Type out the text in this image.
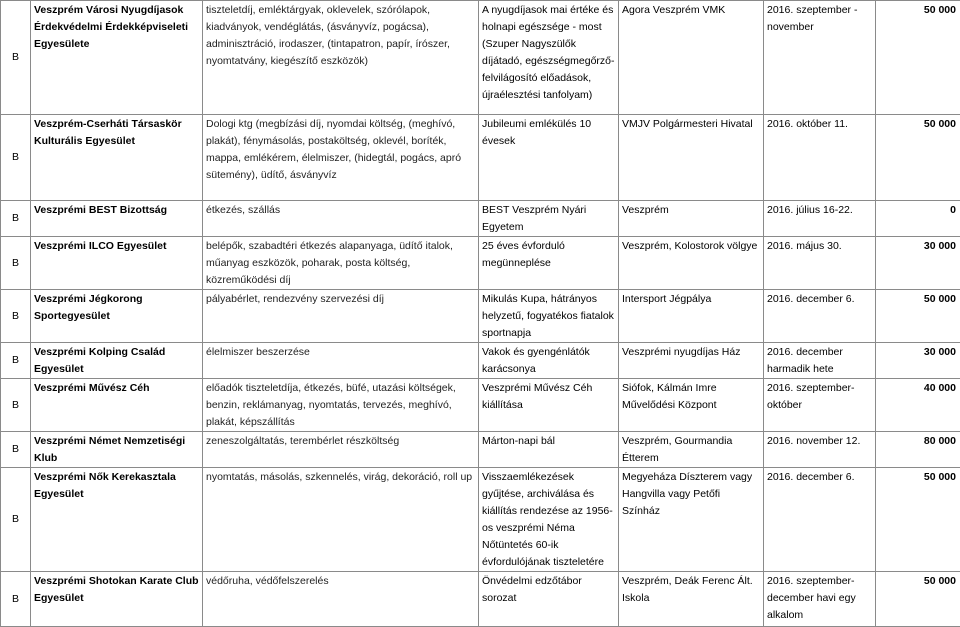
B	Veszprém Városi Nyugdíjasok Érdekvédelmi Érdekképviseleti Egyesülete	tiszteletdíj, emléktárgyak, oklevelek, szórólapok, kiadványok, vendéglátás, (ásványvíz, pogácsa), adminisztráció, irodaszer, (tintapatron, papír, írószer, nyomtatvány, kiegészítő eszközök)	A nyugdíjasok mai értéke és holnapi egészsége - most (Szuper Nagyszülők díjátadó, egészségmegőrző-felvilágosító előadások, újraélesztési tanfolyam)	Agora Veszprém VMK	2016. szeptember - november	50 000
B	Veszprém-Cserháti Társaskör Kulturális Egyesület	Dologi ktg (megbízási díj, nyomdai költség, (meghívó, plakát), fénymásolás, postaköltség, oklevél, boríték, mappa, emlékérem, élelmiszer, (hidegtál, pogács, apró sütemény), üdítő, ásványvíz	Jubileumi emlékülés 10 évesek	VMJV Polgármesteri Hivatal	2016. október 11.	50 000
B	Veszprémi BEST Bizottság	étkezés, szállás	BEST Veszprém Nyári Egyetem	Veszprém	2016. július 16-22.	0
B	Veszprémi ILCO Egyesület	belépők, szabadtéri étkezés alapanyaga, üdítő italok, műanyag eszközök, poharak, posta költség, közreműködési díj	25 éves évforduló megünneplése	Veszprém, Kolostorok völgye	2016. május 30.	30 000
B	Veszprémi Jégkorong Sportegyesület	pályabérlet, rendezvény szervezési díj	Mikulás Kupa, hátrányos helyzetű, fogyatékos fiatalok sportnapja	Intersport Jégpálya	2016. december 6.	50 000
B	Veszprémi Kolping Család Egyesület	élelmiszer beszerzése	Vakok és gyengénlátók karácsonya	Veszprémi nyugdíjas Ház	2016. december harmadik hete	30 000
B	Veszprémi Művész Céh	előadók tiszteletdíja, étkezés, büfé, utazási költségek, benzin, reklámanyag, nyomtatás, tervezés, meghívó, plakát, képszállítás	Veszprémi Művész Céh kiállítása	Siófok, Kálmán Imre Művelődési Központ	2016. szeptember-október	40 000
B	Veszprémi Német Nemzetiségi Klub	zeneszolgáltatás, terembérlet részköltség	Márton-napi bál	Veszprém, Gourmandia Étterem	2016. november 12.	80 000
B	Veszprémi Nők Kerekasztala Egyesület	nyomtatás, másolás, szkennelés, virág, dekoráció, roll up	Visszaemlékezések gyűjtése, archiválása és kiállítás rendezése az 1956-os veszprémi Néma Nőtüntetés 60-ik évfordulójának tiszteletére	Megyeháza Díszterem vagy Hangvilla vagy Petőfi Színház	2016. december 6.	50 000
B	Veszprémi Shotokan Karate Club Egyesület	védőruha, védőfelszerelés	Önvédelmi edzőtábor sorozat	Veszprém, Deák Ferenc Ált. Iskola	2016. szeptember-december havi egy alkalom	50 000
